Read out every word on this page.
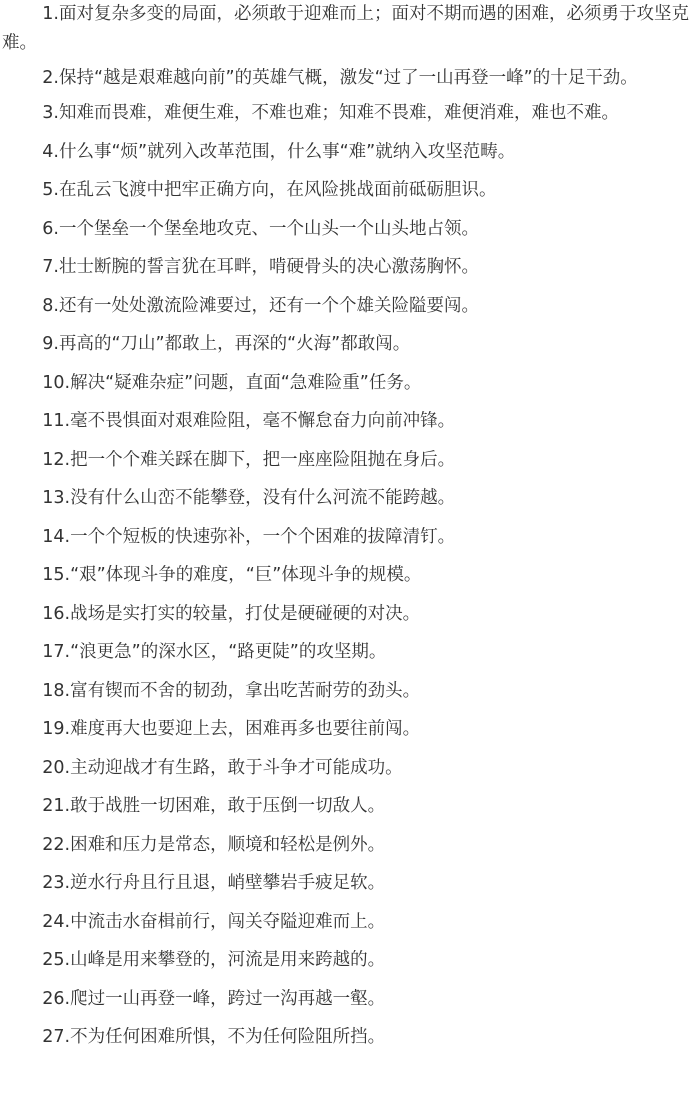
1.面对复杂多变的局面，必须敢于迎难而上；面对不期而遇的困难，必须勇于攻坚克难。

2.保持“越是艰难越向前”的英雄气概，激发“过了一山再登一峰”的十足干劲。

3.知难而畏难，难便生难，不难也难；知难不畏难，难便消难，难也不难。

4.什么事“烦”就列入改革范围，什么事“难”就纳入攻坚范畴。

5.在乱云飞渡中把牢正确方向，在风险挑战面前砥砺胆识。

6.一个堡垒一个堡垒地攻克、一个山头一个山头地占领。

7.壮士断腕的誓言犹在耳畔，啃硬骨头的决心激荡胸怀。

8.还有一处处激流险滩要过，还有一个个雄关险隘要闯。

9.再高的“刀山”都敢上，再深的“火海”都敢闯。

10.解决“疑难杂症”问题，直面“急难险重”任务。

11.毫不畏惧面对艰难险阻，毫不懈怠奋力向前冲锋。

12.把一个个难关踩在脚下，把一座座险阻抛在身后。

13.没有什么山峦不能攀登，没有什么河流不能跨越。

14.一个个短板的快速弥补，一个个困难的拔障清钉。

15.“艰”体现斗争的难度，“巨”体现斗争的规模。

16.战场是实打实的较量，打仗是硬碰硬的对决。

17.“浪更急”的深水区，“路更陡”的攻坚期。

18.富有锲而不舍的韧劲，拿出吃苦耐劳的劲头。

19.难度再大也要迎上去，困难再多也要往前闯。

20.主动迎战才有生路，敢于斗争才可能成功。

21.敢于战胜一切困难，敢于压倒一切敌人。

22.困难和压力是常态，顺境和轻松是例外。

23.逆水行舟且行且退，峭壁攀岩手疲足软。

24.中流击水奋楫前行，闯关夺隘迎难而上。

25.山峰是用来攀登的，河流是用来跨越的。

26.爬过一山再登一峰，跨过一沟再越一壑。

27.不为任何困难所惧，不为任何险阻所挡。
